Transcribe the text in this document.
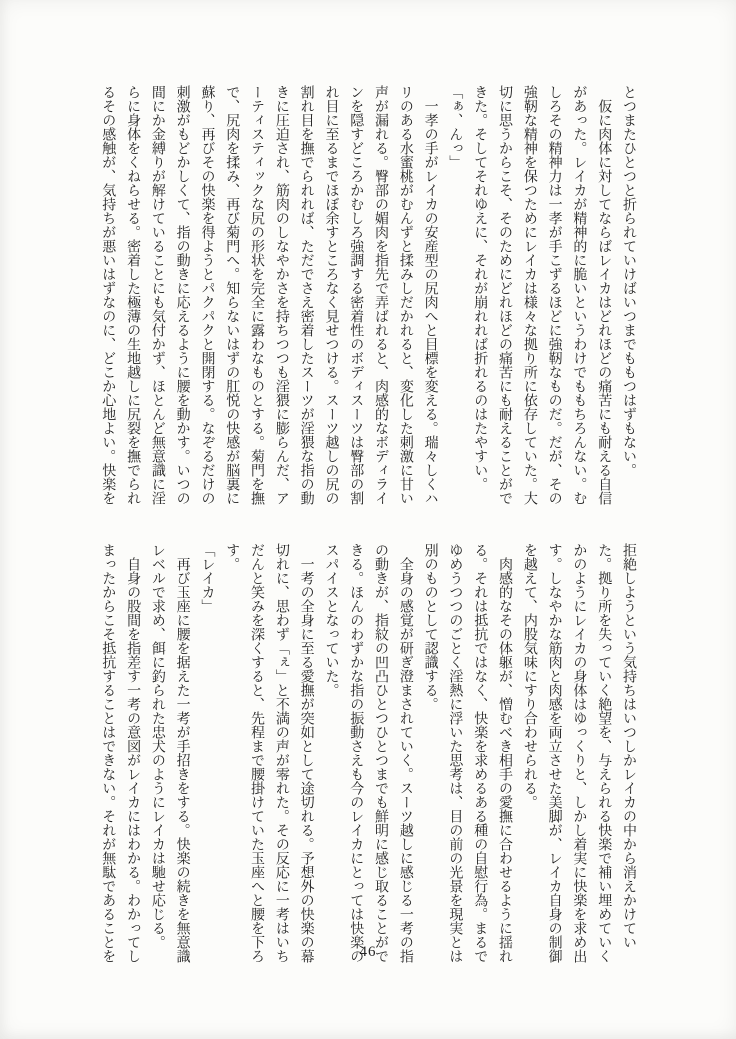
とつまたひとつと折られていけばいつまでももつはずもない。

　仮に肉体に対してならばレイカはどれほどの痛苦にも耐える自信があった。レイカが精神的に脆いというわけでももちろんない。むしろその精神力は一孝が手こずるほどに強靭なものだ。だが、その強靭な精神を保つためにレイカは様々な拠り所に依存していた。大切に思うからこそ、そのためにどれほどの痛苦にも耐えることができた。そしてそれゆえに、それが崩れれば折れるのはたやすい。

「ぁ、んっ」

　一孝の手がレイカの安産型の尻肉へと目標を変える。瑞々しくハリのある水蜜桃がむんずと揉みしだかれると、変化した刺激に甘い声が漏れる。臀部の媚肉を指先で弄ばれると、肉感的なボディラインを隠すどころかむしろ強調する密着性のボディスーツは臀部の割れ目に至るまでほぼ余すところなく見せつける。スーツ越しの尻の割れ目を撫でられれば、ただでさえ密着したスーツが淫猥な指の動きに圧迫され、筋肉のしなやかさを持ちつつも淫猥に膨らんだ、アーティスティックな尻の形状を完全に露わなものとする。菊門を撫で、尻肉を揉み、再び菊門へ。知らないはずの肛悦の快感が脳裏に蘇り、再びその快楽を得ようとパクパクと開閉する。なぞるだけの刺激がもどかしくて、指の動きに応えるように腰を動かす。いつの間にか金縛りが解けていることにも気付かず、ほとんど無意識に淫らに身体をくねらせる。密着した極薄の生地越しに尻裂を撫でられるその感触が、気持ちが悪いはずなのに、どこか心地よい。快楽を

拒絶しようという気持ちはいつしかレイカの中から消えかけていた。拠り所を失っていく絶望を、与えられる快楽で補い埋めていくかのようにレイカの身体はゆっくりと、しかし着実に快楽を求め出す。しなやかな筋肉と肉感を両立させた美脚が、レイカ自身の制御を越えて、内股気味にすり合わせられる。

　肉感的なその体躯が、憎むべき相手の愛撫に合わせるように揺れる。それは抵抗ではなく、快楽を求めるある種の自慰行為。まるでゆめうつつのごとく淫熱に浮いた思考は、目の前の光景を現実とは別のものとして認識する。

　全身の感覚が研ぎ澄まされていく。スーツ越しに感じる一考の指の動きが、指紋の凹凸ひとつひとつまでも鮮明に感じ取ることができる。ほんのわずかな指の振動さえも今のレイカにとっては快楽のスパイスとなっていた。

　一考の全身に至る愛撫が突如として途切れる。予想外の快楽の幕切れに、思わず「ぇ」と不満の声が零れた。その反応に一考はいちだんと笑みを深くすると、先程まで腰掛けていた玉座へと腰を下ろす。

「レイカ」

　再び玉座に腰を据えた一考が手招きをする。快楽の続きを無意識レベルで求め、餌に釣られた忠犬のようにレイカは馳せ応じる。

　自身の股間を指差す一考の意図がレイカにはわかる。わかってしまったからこそ抵抗することはできない。それが無駄であることを	46
